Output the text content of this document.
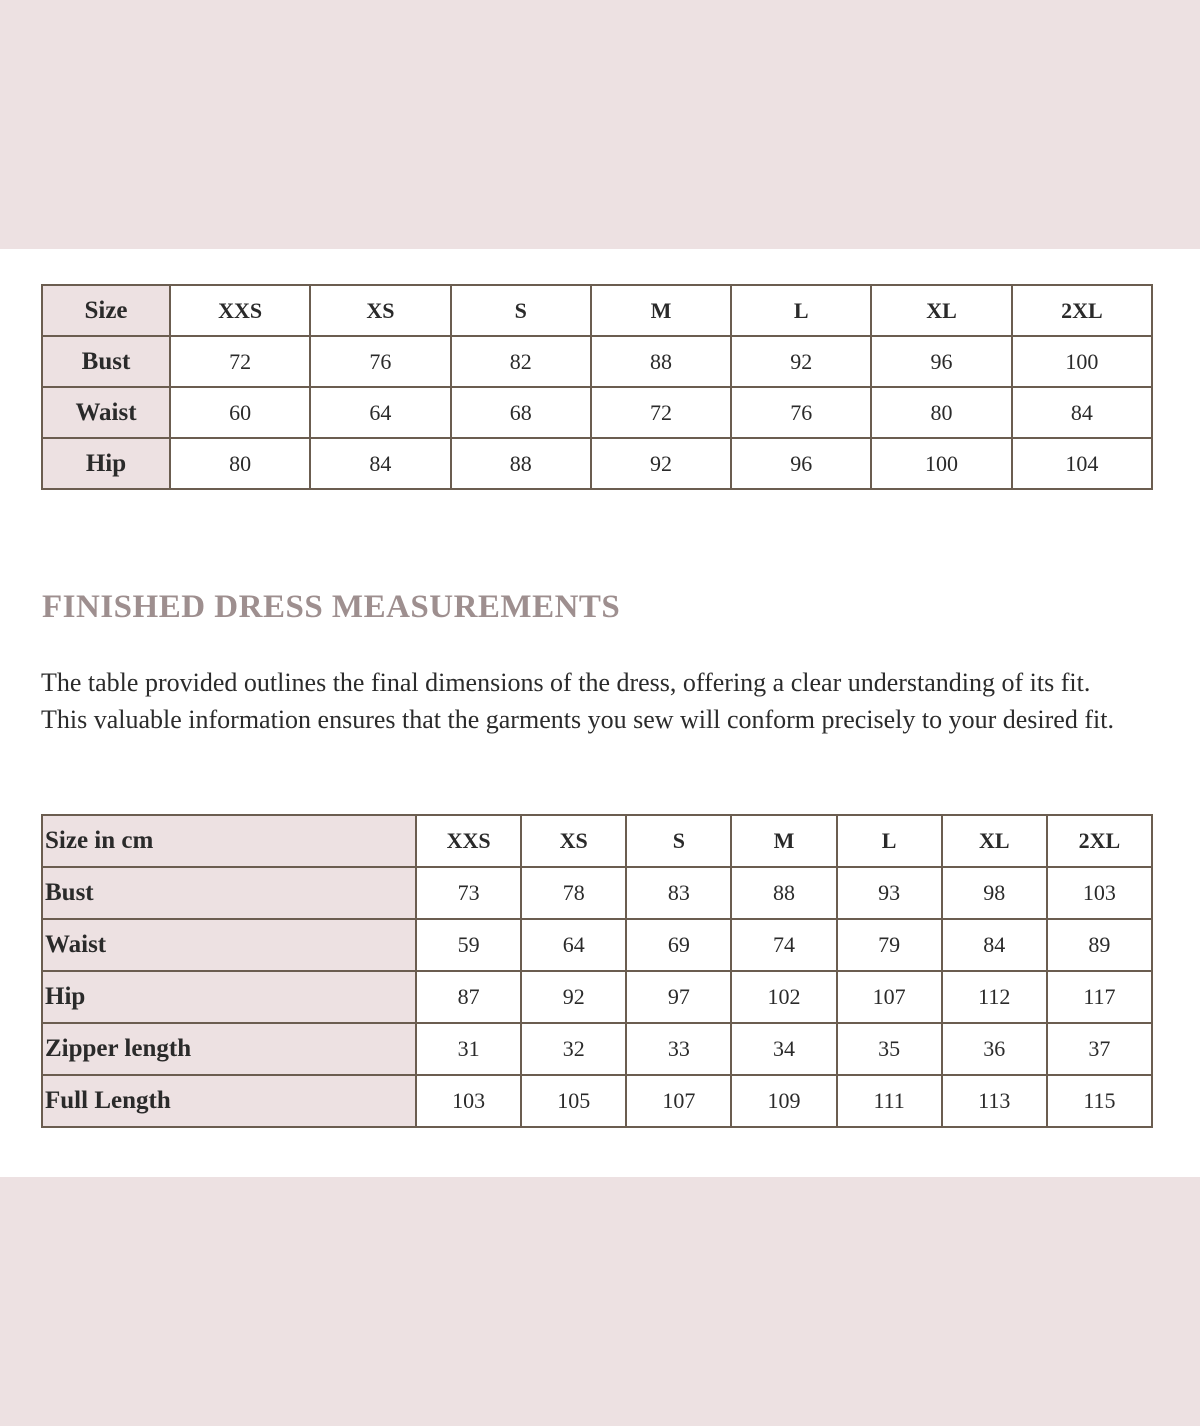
Size	XXS	XS	S	M	L	XL	2XL
Bust	72	76	82	88	92	96	100
Waist	60	64	68	72	76	80	84
Hip	80	84	88	92	96	100	104
FINISHED DRESS MEASUREMENTS

The table provided outlines the final dimensions of the dress, offering a clear understanding of its fit. This valuable information ensures that the garments you sew will conform precisely to your desired fit.

Size in cm	XXS	XS	S	M	L	XL	2XL
Bust	73	78	83	88	93	98	103
Waist	59	64	69	74	79	84	89
Hip	87	92	97	102	107	112	117
Zipper length	31	32	33	34	35	36	37
Full Length	103	105	107	109	111	113	115
